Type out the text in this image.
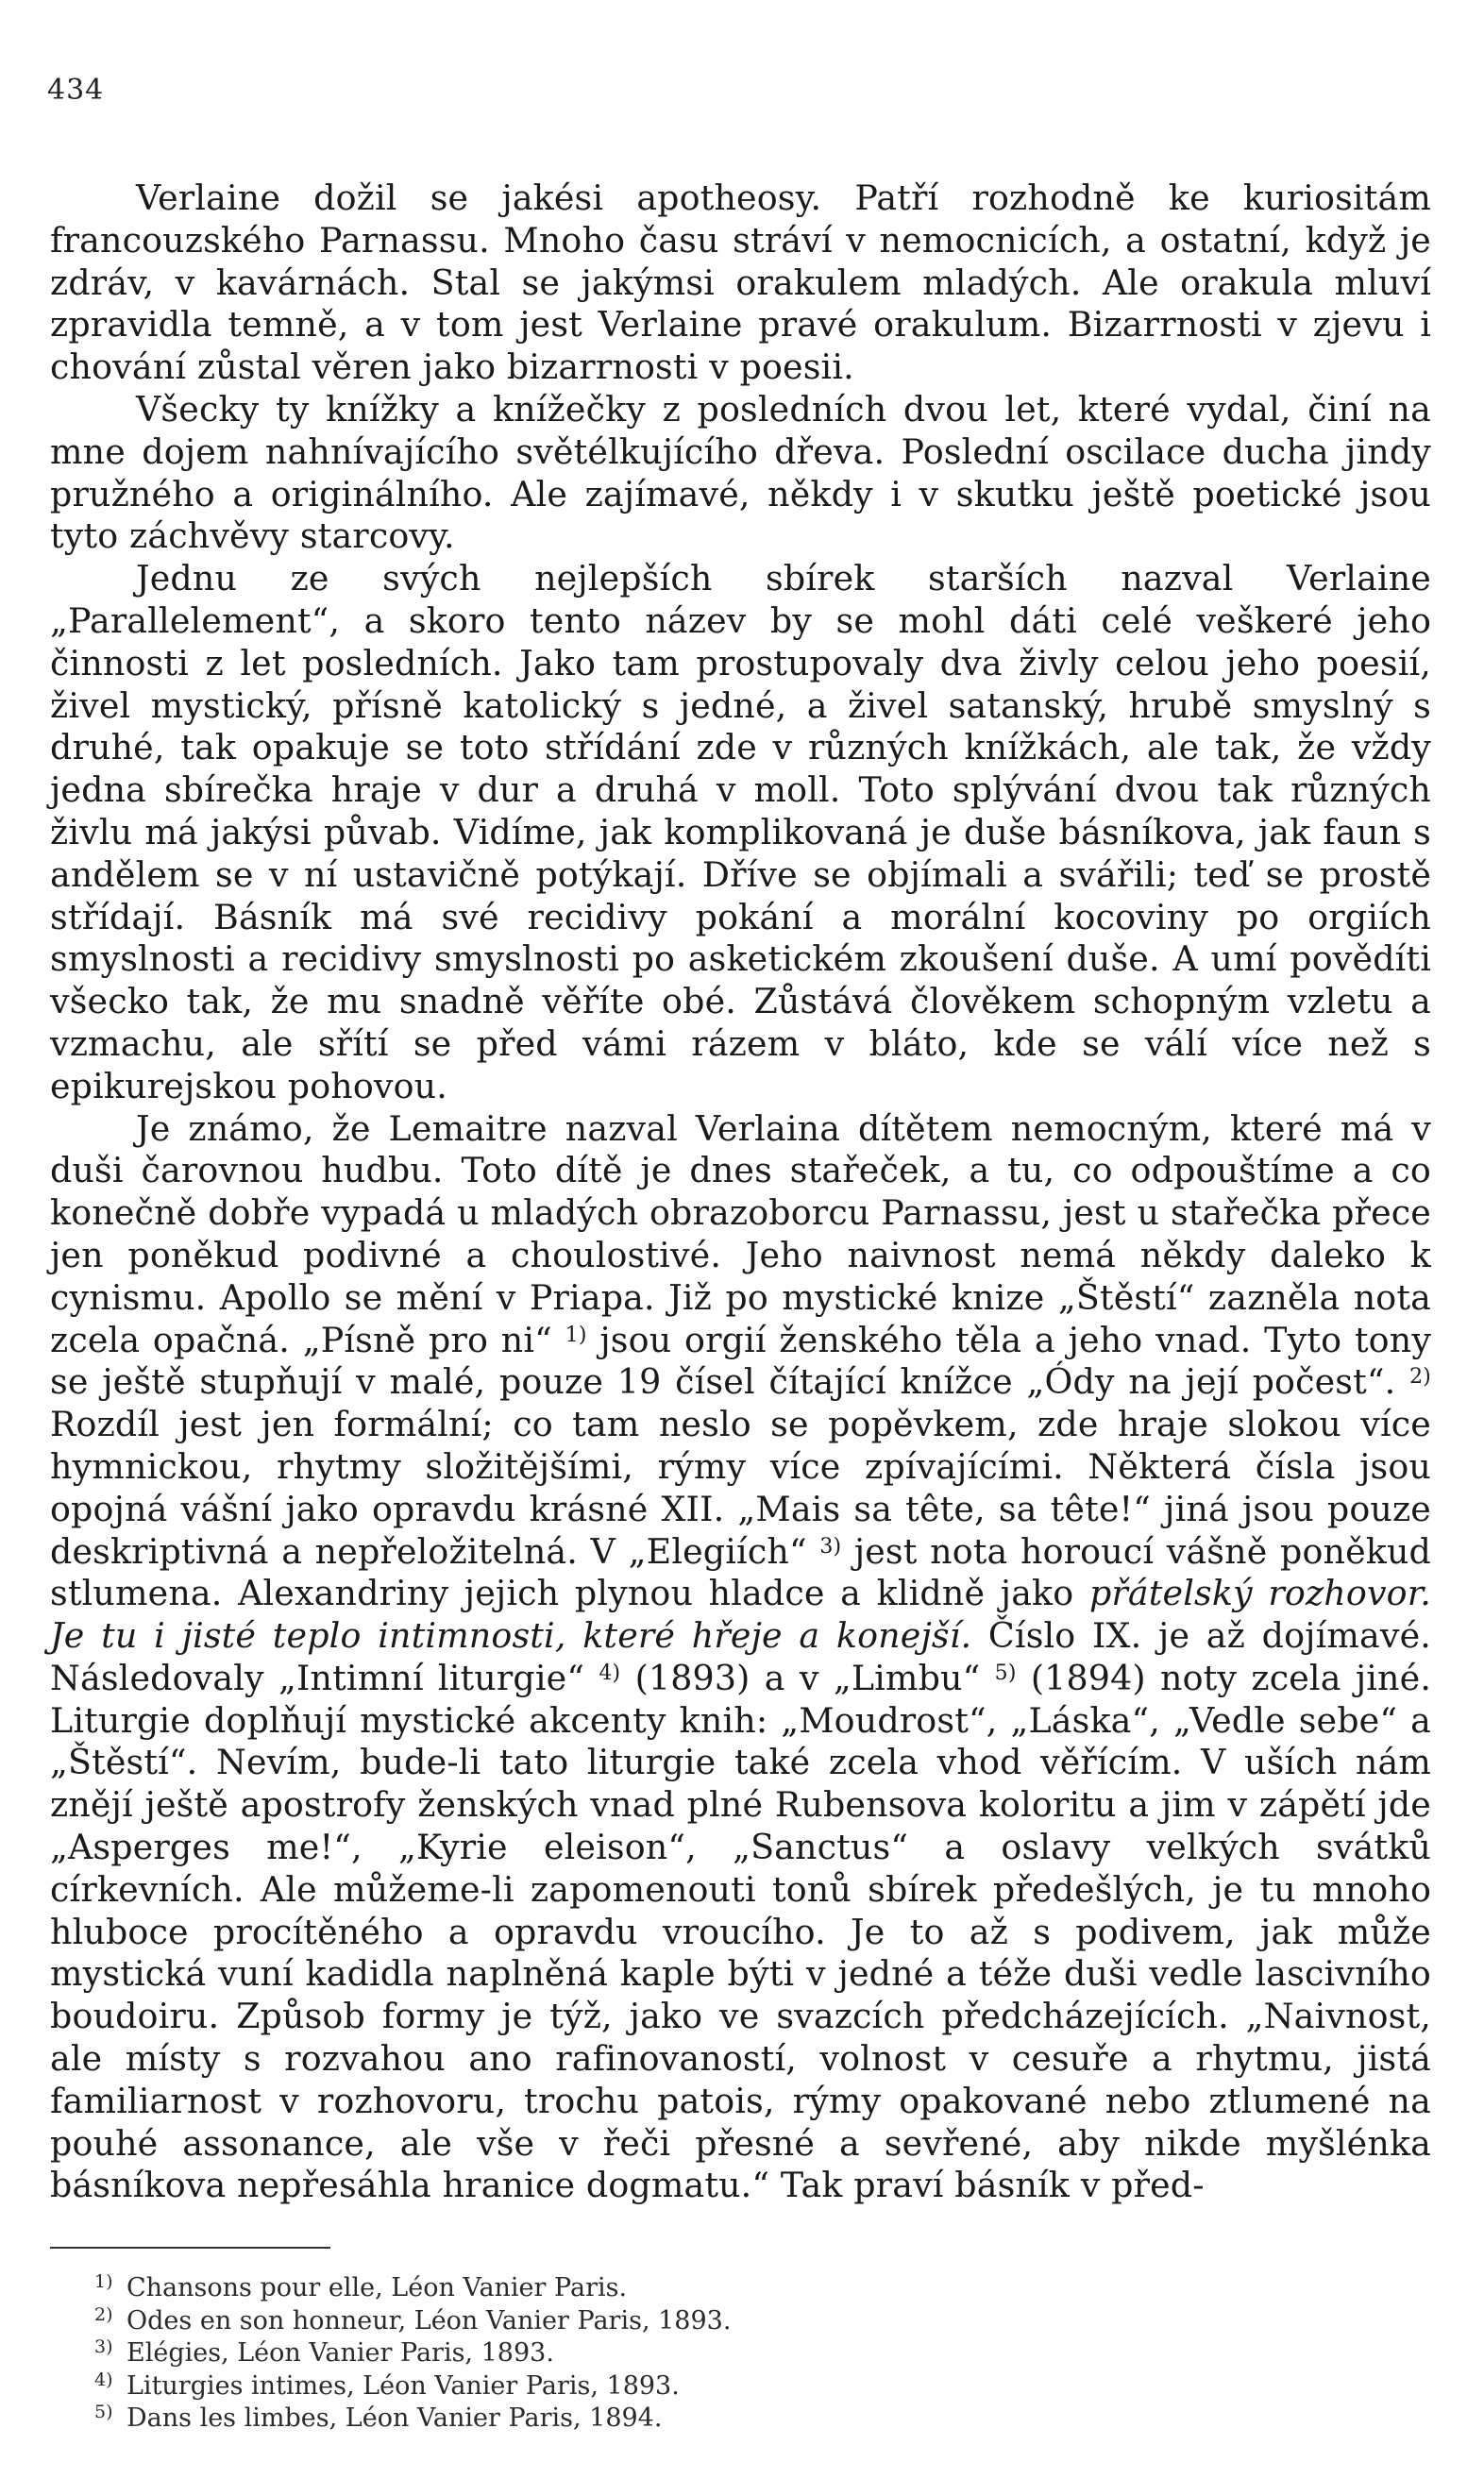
434

Verlaine dožil se jakési apotheosy. Patří rozhodně ke kuriositám francouzského Parnassu. Mnoho času stráví v nemocnicích, a ostatní, když je zdráv, v kavárnách. Stal se jakýmsi orakulem mladých. Ale orakula mluví zpravidla temně, a v tom jest Verlaine pravé orakulum. Bizarrnosti v zjevu i chování zůstal věren jako bizarrnosti v poesii.

Všecky ty knížky a knížečky z posledních dvou let, které vydal, činí na mne dojem nahnívajícího světélkujícího dřeva. Poslední oscilace ducha jindy pružného a originálního. Ale zajímavé, někdy i v skutku ještě poetické jsou tyto záchvěvy starcovy.

Jednu ze svých nejlepších sbírek starších nazval Verlaine „Parallelement“, a skoro tento název by se mohl dáti celé veškeré jeho činnosti z let posledních. Jako tam prostupovaly dva živly celou jeho poesií, živel mystický, přísně katolický s jedné, a živel satanský, hrubě smyslný s druhé, tak opakuje se toto střídání zde v různých knížkách, ale tak, že vždy jedna sbírečka hraje v dur a druhá v moll. Toto splývání dvou tak různých živlu má jakýsi půvab. Vidíme, jak komplikovaná je duše básníkova, jak faun s andělem se v ní ustavičně potýkají. Dříve se objímali a svářili; teď se prostě střídají. Básník má své recidivy pokání a morální kocoviny po orgiích smyslnosti a recidivy smyslnosti po asketickém zkoušení duše. A umí povědíti všecko tak, že mu snadně věříte obé. Zůstává člověkem schopným vzletu a vzmachu, ale sřítí se před vámi rázem v bláto, kde se válí více než s epikurejskou pohovou.

Je známo, že Lemaitre nazval Verlaina dítětem nemocným, které má v duši čarovnou hudbu. Toto dítě je dnes stařeček, a tu, co odpouštíme a co konečně dobře vypadá u mladých obrazoborcu Parnassu, jest u stařečka přece jen poněkud podivné a choulostivé. Jeho naivnost nemá někdy daleko k cynismu. Apollo se mění v Priapa. Již po mystické knize „Štěstí“ zazněla nota zcela opačná. „Písně pro ni“ $^{1)}$ jsou orgií ženského těla a jeho vnad. Tyto tony se ještě stupňují v malé, pouze 19 čísel čítající knížce „Ódy na její počest“. $^{2)}$ Rozdíl jest jen formální; co tam neslo se popěvkem, zde hraje slokou více hymnickou, rhytmy složitějšími, rýmy více zpívajícími. Některá čísla jsou opojná vášní jako opravdu krásné XII. „Mais sa tête, sa tête!“ jiná jsou pouze deskriptivná a nepřeložitelná. V „Elegiích“ $^{3)}$ jest nota horoucí vášně poněkud stlumena. Alexandriny jejich plynou hladce a klidně jako přátelský rozhovor. Je tu i jisté teplo intimnosti, které hřeje a konejší. Číslo IX. je až dojímavé. Následovaly „Intimní liturgie“ $^{4)}$ (1893) a v „Limbu“ $^{5)}$ (1894) noty zcela jiné. Liturgie doplňují mystické akcenty knih: „Moudrost“, „Láska“, „Vedle sebe“ a „Štěstí“. Nevím, bude-li tato liturgie také zcela vhod věřícím. V uších nám znějí ještě apostrofy ženských vnad plné Rubensova koloritu a jim v zápětí jde „Asperges me!“, „Kyrie eleison“, „Sanctus“ a oslavy velkých svátků církevních. Ale můžeme-li zapomenouti tonů sbírek předešlých, je tu mnoho hluboce procítěného a opravdu vroucího. Je to až s podivem, jak může mystická vuní kadidla naplněná kaple býti v jedné a téže duši vedle lascivního boudoiru. Způsob formy je týž, jako ve svazcích předcházejících. „Naivnost, ale místy s rozvahou ano rafinovaností, volnost v cesuře a rhytmu, jistá familiarnost v rozhovoru, trochu patois, rýmy opakované nebo ztlumené na pouhé assonance, ale vše v řeči přesné a sevřené, aby nikde myšlénka básníkova nepřesáhla hranice dogmatu.“ Tak praví básník v před-

1) Chansons pour elle, Léon Vanier Paris.
2) Odes en son honneur, Léon Vanier Paris, 1893.
3) Elégies, Léon Vanier Paris, 1893.
4) Liturgies intimes, Léon Vanier Paris, 1893.
5) Dans les limbes, Léon Vanier Paris, 1894.
